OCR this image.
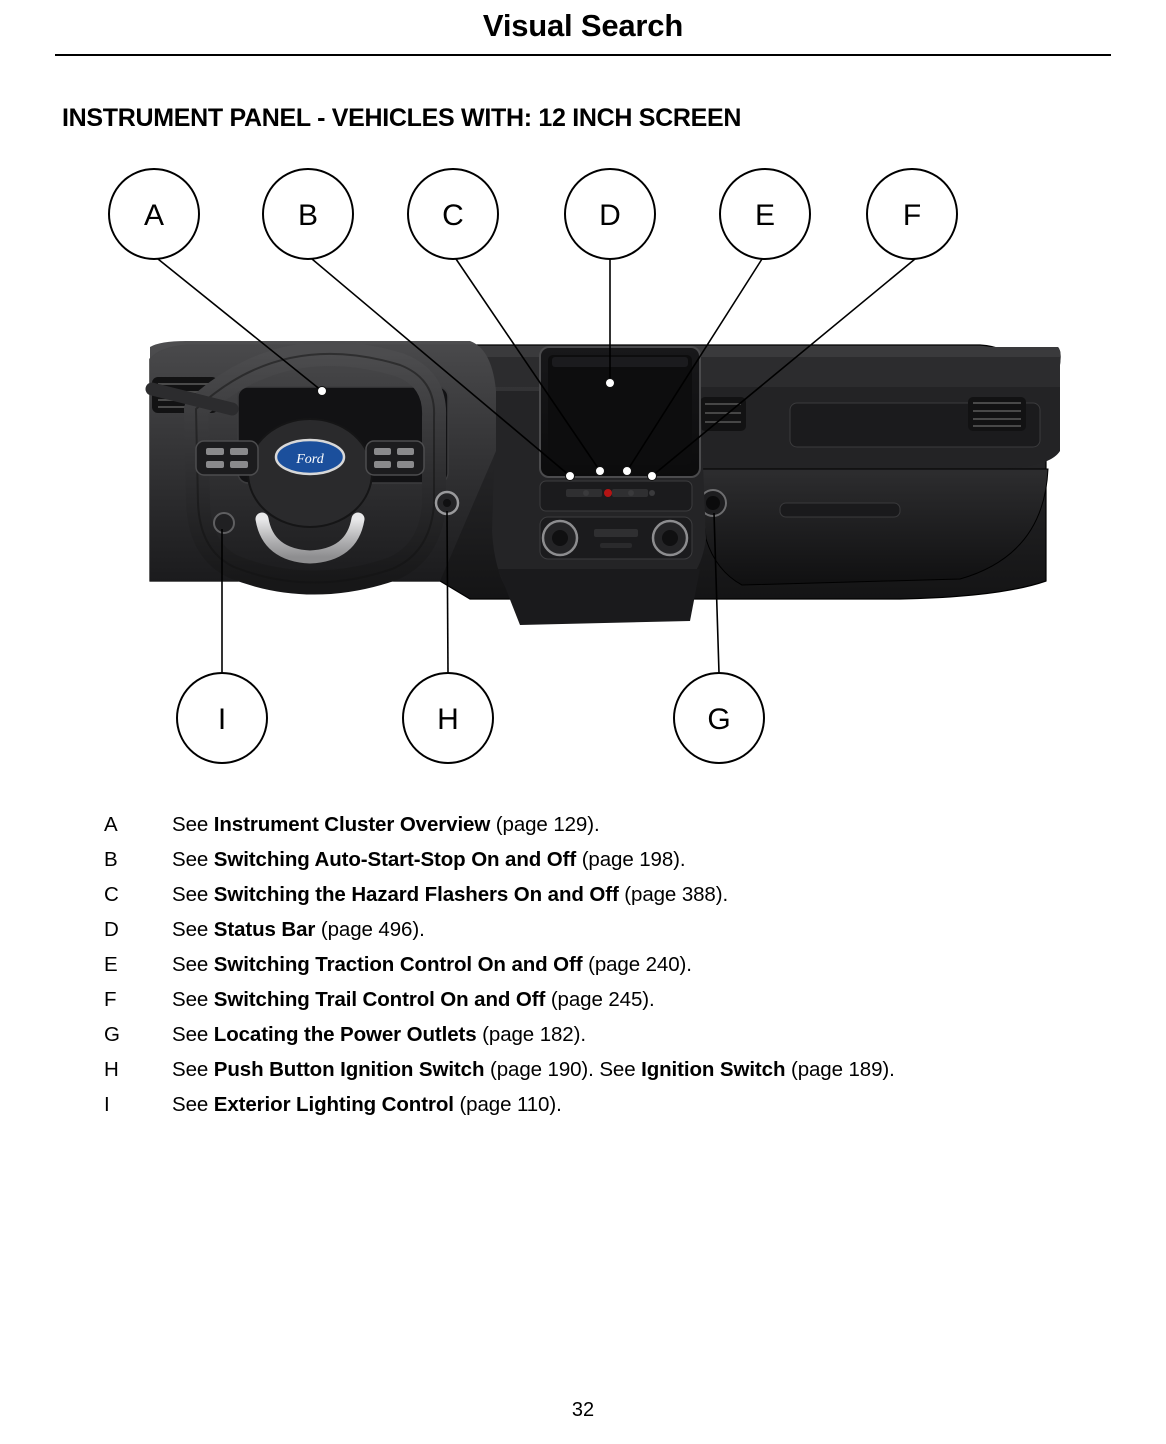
Visual Search
INSTRUMENT PANEL - VEHICLES WITH: 12 INCH SCREEN
Ford
A	B	C	D	E	F
I	H	G
A	See Instrument Cluster Overview (page 129).
B	See Switching Auto-Start-Stop On and Off (page 198).
C	See Switching the Hazard Flashers On and Off (page 388).
D	See Status Bar (page 496).
E	See Switching Traction Control On and Off (page 240).
F	See Switching Trail Control On and Off (page 245).
G	See Locating the Power Outlets (page 182).
H	See Push Button Ignition Switch (page 190). See Ignition Switch (page 189).
I	See Exterior Lighting Control (page 110).
32
